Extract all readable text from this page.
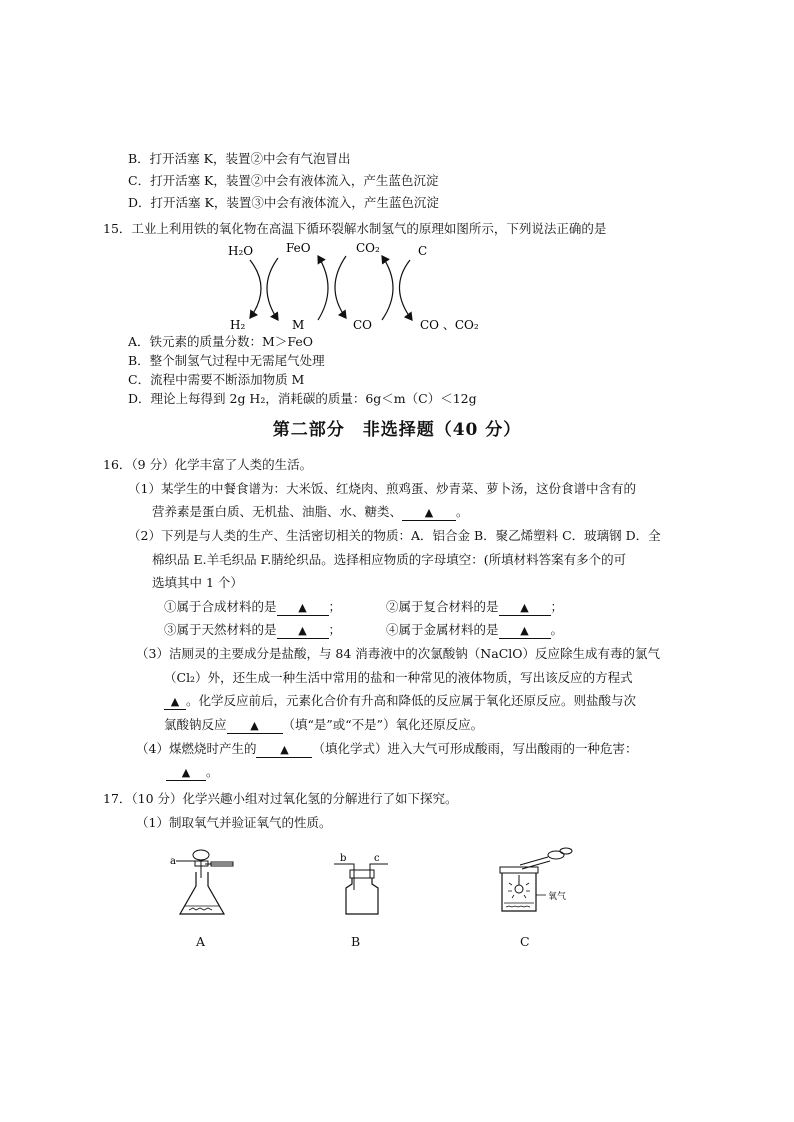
B．打开活塞 K，装置②中会有气泡冒出
C．打开活塞 K，装置②中会有液体流入，产生蓝色沉淀
D．打开活塞 K，装置③中会有液体流入，产生蓝色沉淀
15．工业上利用铁的氧化物在高温下循环裂解水制氢气的原理如图所示，下列说法正确的是
H₂O	FeO	CO₂	C
H₂	M	CO	CO 、CO₂
A．铁元素的质量分数：M＞FeO
B．整个制氢气过程中无需尾气处理
C．流程中需要不断添加物质 M
D．理论上每得到 2g H₂，消耗碳的质量：6g＜m（C）＜12g
第二部分　非选择题（40 分）
16．（9 分）化学丰富了人类的生活。
（1）某学生的中餐食谱为：大米饭、红烧肉、煎鸡蛋、炒青菜、萝卜汤，这份食谱中含有的
营养素是蛋白质、无机盐、油脂、水、糖类、 ▲ 。
（2）下列是与人类的生产、生活密切相关的物质：A．铝合金 B．聚乙烯塑料 C．玻璃钢 D．全
棉织品 E.羊毛织品 F.腈纶织品。选择相应物质的字母填空：(所填材料答案有多个的可
选填其中 1 个）
①属于合成材料的是 ▲ ；	②属于复合材料的是 ▲ ；
③属于天然材料的是 ▲ ；	④属于金属材料的是 ▲ 。
（3）洁厕灵的主要成分是盐酸，与 84 消毒液中的次氯酸钠（NaClO）反应除生成有毒的氯气
（Cl₂）外，还生成一种生活中常用的盐和一种常见的液体物质，写出该反应的方程式
▲ 。化学反应前后，元素化合价有升高和降低的反应属于氧化还原反应。则盐酸与次
氯酸钠反应 ▲ （填“是”或“不是”）氧化还原反应。
（4）煤燃烧时产生的 ▲ （填化学式）进入大气可形成酸雨，写出酸雨的一种危害：
▲ 。
17．（10 分）化学兴趣小组对过氧化氢的分解进行了如下探究。
（1）制取氧气并验证氧气的性质。
a
A
b	c
B
氧气
C
